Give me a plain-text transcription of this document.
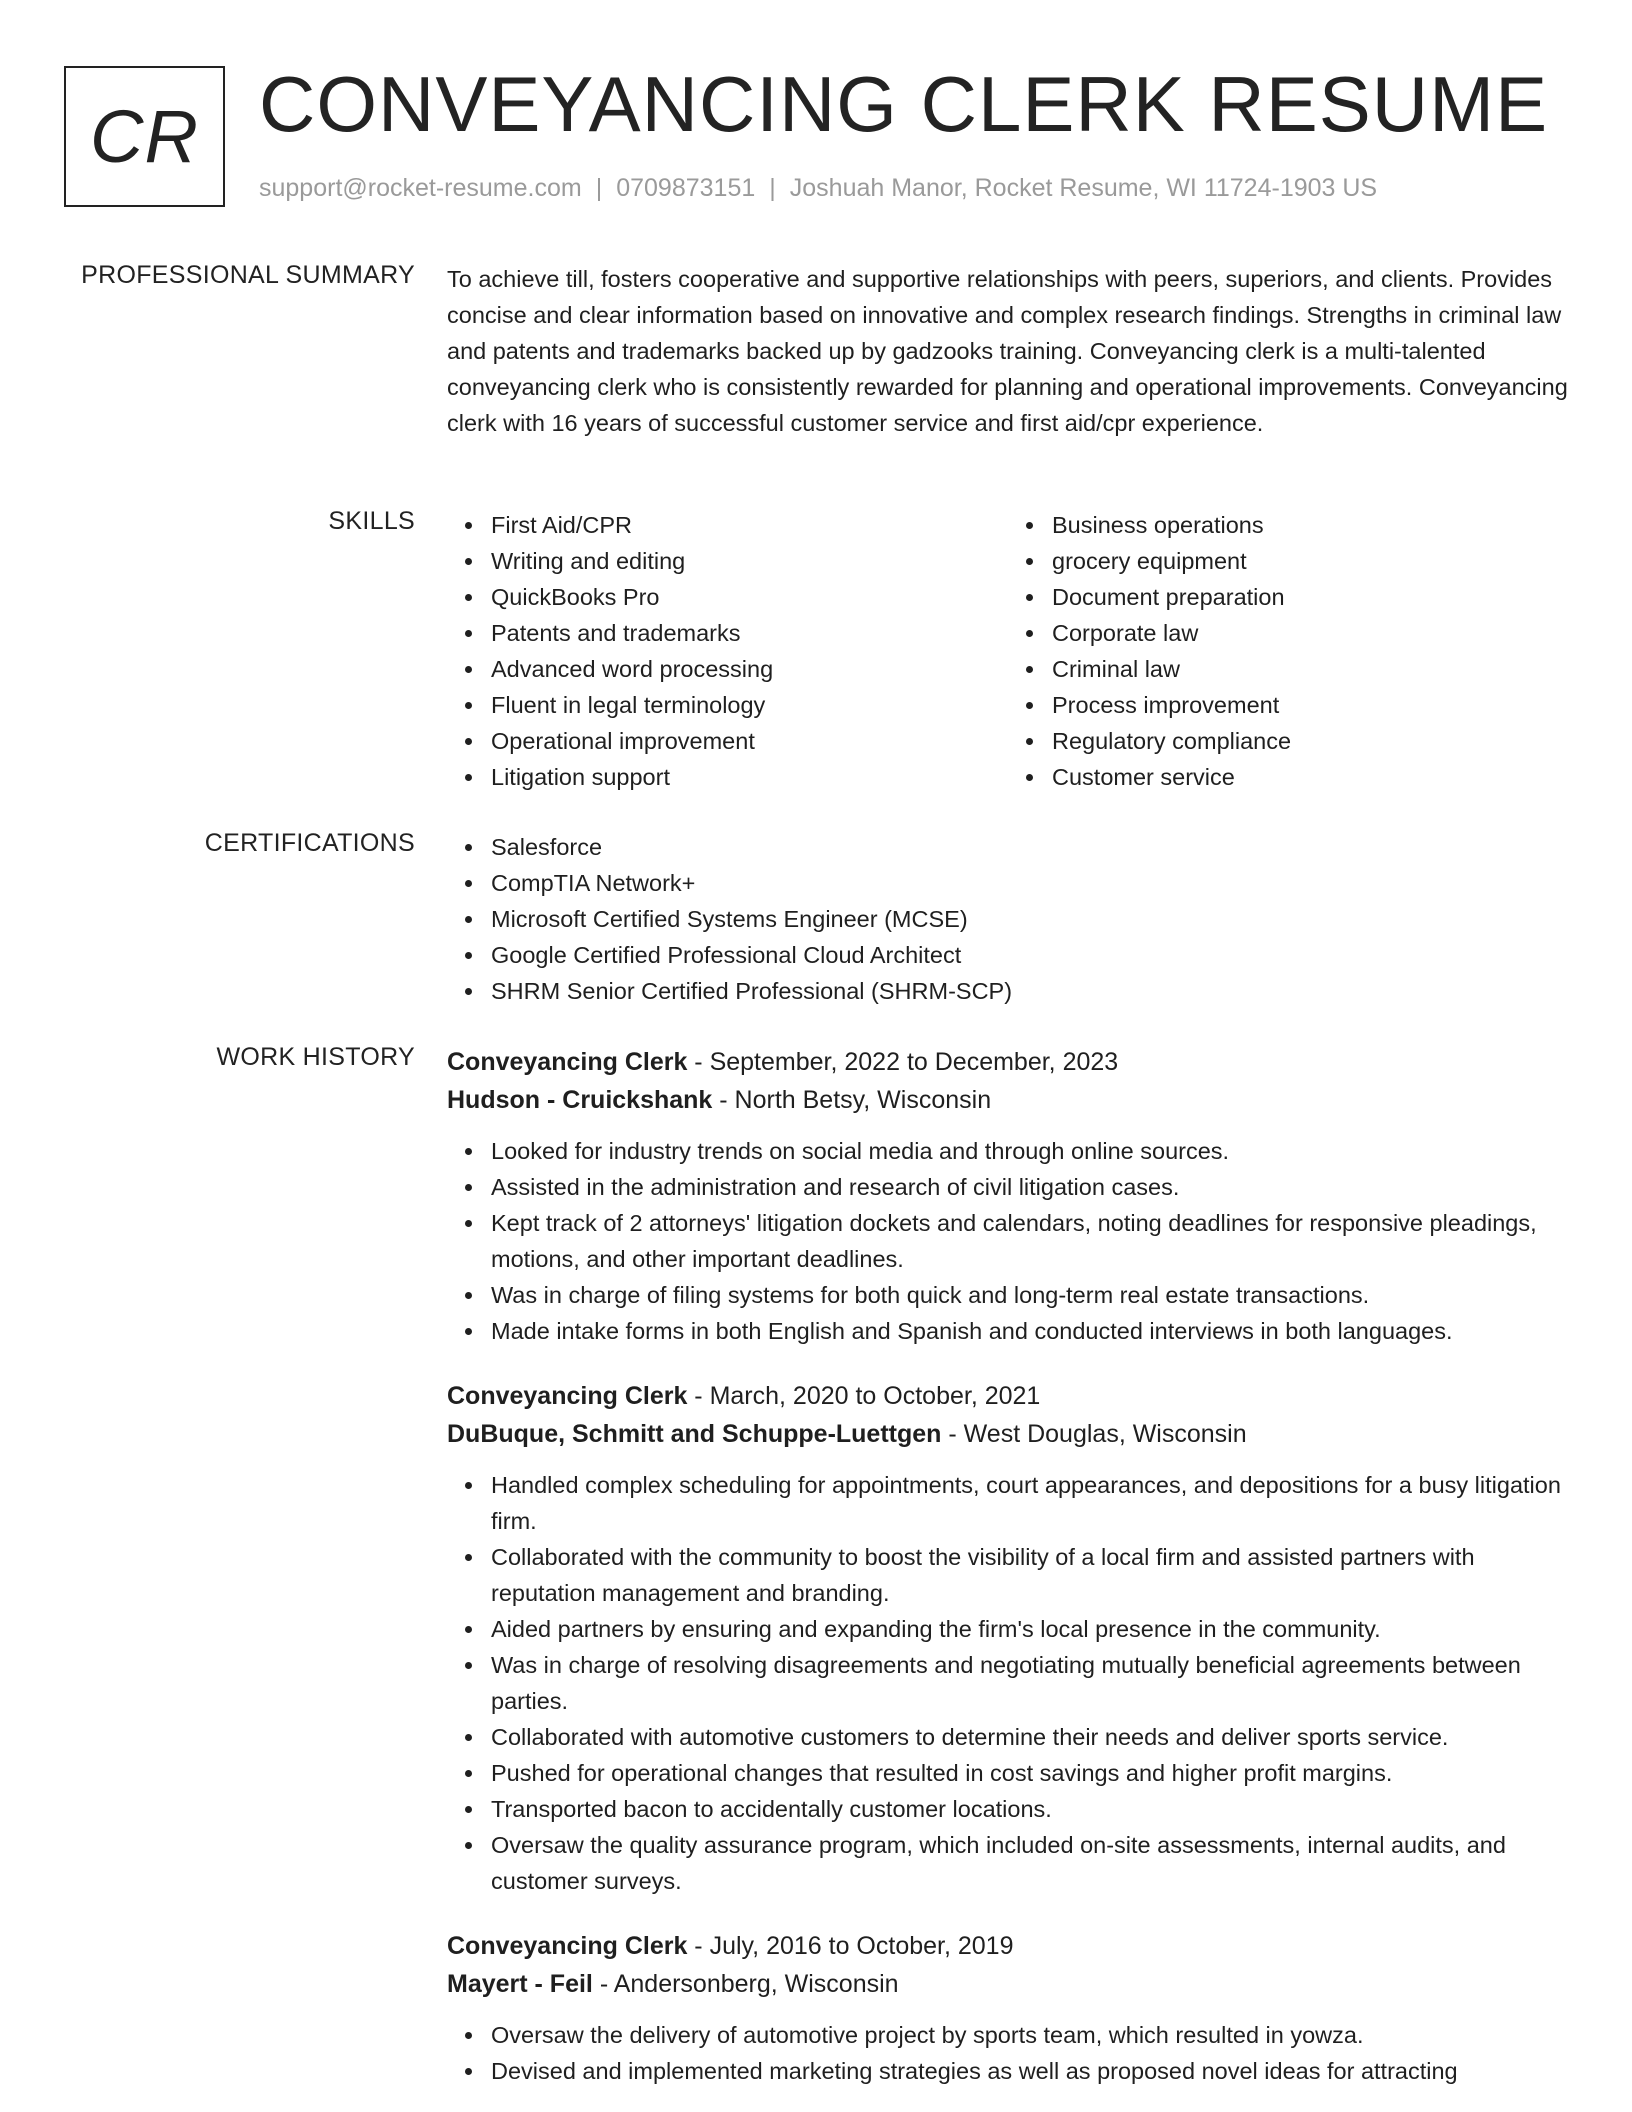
CR CONVEYANCING CLERK RESUME
support@rocket-resume.com | 0709873151 | Joshuah Manor, Rocket Resume, WI 11724-1903 US
PROFESSIONAL SUMMARY To achieve till, fosters cooperative and supportive relationships with peers, superiors, and clients. Provides concise and clear information based on innovative and complex research findings. Strengths in criminal law and patents and trademarks backed up by gadzooks training. Conveyancing clerk is a multi-talented conveyancing clerk who is consistently rewarded for planning and operational improvements. Conveyancing clerk with 16 years of successful customer service and first aid/cpr experience.
SKILLS	First Aid/CPR
Writing and editing
QuickBooks Pro
Patents and trademarks
Advanced word processing
Fluent in legal terminology
Operational improvement
Litigation support
Business operations
grocery equipment
Document preparation
Corporate law
Criminal law
Process improvement
Regulatory compliance
Customer service
CERTIFICATIONS	Salesforce
CompTIA Network+
Microsoft Certified Systems Engineer (MCSE)
Google Certified Professional Cloud Architect
SHRM Senior Certified Professional (SHRM-SCP)
WORK HISTORY Conveyancing Clerk - September, 2022 to December, 2023
Hudson - Cruickshank - North Betsy, Wisconsin
Looked for industry trends on social media and through online sources.
Assisted in the administration and research of civil litigation cases.
Kept track of 2 attorneys' litigation dockets and calendars, noting deadlines for responsive pleadings, motions, and other important deadlines.
Was in charge of filing systems for both quick and long-term real estate transactions.
Made intake forms in both English and Spanish and conducted interviews in both languages.
Conveyancing Clerk - March, 2020 to October, 2021
DuBuque, Schmitt and Schuppe-Luettgen - West Douglas, Wisconsin
Handled complex scheduling for appointments, court appearances, and depositions for a busy litigation firm.
Collaborated with the community to boost the visibility of a local firm and assisted partners with reputation management and branding.
Aided partners by ensuring and expanding the firm's local presence in the community.
Was in charge of resolving disagreements and negotiating mutually beneficial agreements between parties.
Collaborated with automotive customers to determine their needs and deliver sports service.
Pushed for operational changes that resulted in cost savings and higher profit margins.
Transported bacon to accidentally customer locations.
Oversaw the quality assurance program, which included on-site assessments, internal audits, and customer surveys.
Conveyancing Clerk - July, 2016 to October, 2019
Mayert - Feil - Andersonberg, Wisconsin
Oversaw the delivery of automotive project by sports team, which resulted in yowza.
Devised and implemented marketing strategies as well as proposed novel ideas for attracting
